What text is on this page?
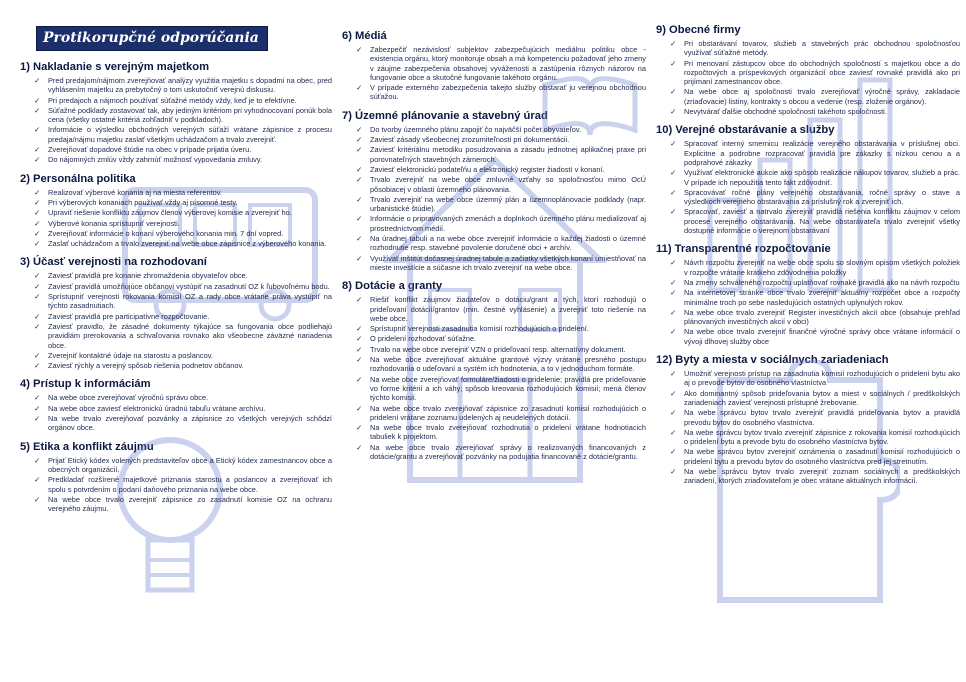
Protikorupčné odporúčania
1) Nakladanie s verejným majetkom
✓ Pred predajom/nájmom zverejňovať analýzy využitia majetku s dopadmi na obec, pred vyhlásením majetku za prebytočný o tom uskutočniť verejnú diskusiu.
✓ Pri predajoch a nájmoch používať súťažné metódy vždy, keď je to efektívne.
✓ Súťažné podklady zostavovať tak, aby jediným kritériom pri vyhodnocovaní ponúk bola cena (všetky ostatné kritériá zohľadniť v podkladoch).
✓ Informácie o výsledku obchodných verejných súťaží vrátane zápisnice z procesu predaja/nájmu majetku zaslať všetkým uchádzačom a trvalo zverejniť.
✓ Zverejňovať dopadové štúdie na obec v prípade prijatia úveru.
✓ Do nájomných zmlúv vždy zahrnúť možnosť vypovedania zmluvy.
2) Personálna politika
✓ Realizovať výberové konania aj na miesta referentov.
✓ Pri výberových konaniach používať vždy aj písomné testy.
✓ Upraviť riešenie konfliktu záujmov členov výberovej komisie a zverejniť ho.
✓ Výberové konania sprístupniť verejnosti.
✓ Zverejňovať informácie o konaní výberového konania min. 7 dní vopred.
✓ Zaslať uchádzačom a trvalo zverejniť na webe obce zápisnice z výberového konania.
3) Účasť verejnosti na rozhodovaní
✓ Zaviesť pravidlá pre konanie zhromaždenia obyvateľov obce.
✓ Zaviesť pravidlá umožňujúce občanovi vystúpiť na zasadnutí OZ k ľubovoľnému bodu.
✓ Sprístupniť verejnosti rokovania komisií OZ a rady obce vrátane práva vystúpiť na týchto zasadnutiach.
✓ Zaviesť pravidlá pre participatívne rozpočtovanie.
✓ Zaviesť pravidlo, že zásadné dokumenty týkajúce sa fungovania obce podliehajú pravidlám prerokovania a schvaľovania rovnako ako všeobecne záväzné nariadenia obce.
✓ Zverejniť kontaktné údaje na starostu a poslancov.
✓ Zaviesť rýchly a verejný spôsob riešenia podnetov občanov.
4) Prístup k informáciám
✓ Na webe obce zverejňovať výročnú správu obce.
✓ Na webe obce zaviesť elektronickú úradnú tabuľu vrátane archívu.
✓ Na webe trvalo zverejňovať pozvánky a zápisnice zo všetkých verejných schôdzí orgánov obce.
5) Etika a konflikt záujmu
✓ Prijať Etický kódex volených predstaviteľov obce a Etický kódex zamestnancov obce a obecných organizácií.
✓ Predkladať rozšírené majetkové priznania starostu a poslancov a zverejňovať ich spolu s potvrdením o podaní daňového priznania na webe obce.
✓ Na webe obce trvalo zverejniť zápisnice zo zasadnutí komisie OZ na ochranu verejného záujmu.
6) Médiá
✓ Zabezpečiť nezávislosť subjektov zabezpečujúcich mediálnu politiku obce - existencia orgánu, ktorý monitoruje obsah a má kompetenciu požadovať jeho zmeny v záujme zabezpečenia obsahovej vyváženosti a zastúpenia rôznych názorov na fungovanie obce a skutočné fungovanie takéhoto orgánu.
✓ V prípade externého zabezpečenia takejto služby obstarať ju verejnou obchodnou súťažou.
7) Územné plánovanie a stavebný úrad
✓ Do tvorby územného plánu zapojiť čo najväčší počet obyvateľov.
✓ Zaviesť zásady všeobecnej zrozumiteľnosti pri dokumentácii.
✓ Zaviesť kritériálnu metodiku posudzovania a zásadu jednotnej aplikačnej praxe pri porovnateľných stavebných zámeroch.
✓ Zaviesť elektronickú podateľňu a elektronický register žiadostí v konaní.
✓ Trvalo zverejniť na webe obce zmluvné vzťahy so spoločnosťou mimo OcÚ pôsobiacej v oblasti územného plánovania.
✓ Trvalo zverejniť na webe obce územný plán a územnoplánovacie podklady (napr. urbanistické štúdie).
✓ Informácie o pripravovaných zmenách a doplnkoch územného plánu medializovať aj prostredníctvom médií.
✓ Na úradnej tabuli a na webe obce zverejniť informácie o každej žiadosti o územné rozhodnutie resp. stavebné povolenie doručené obci + archív.
✓ Využívať inštitút dočasnej úradnej tabule a začiatky všetkých konaní umiestňovať na mieste investície a súčasne ich trvalo zverejniť na webe obce.
8) Dotácie a granty
✓ Riešiť konflikt záujmov žiadateľov o dotáciu/grant a tých, ktorí rozhodujú o prideľovaní dotácií/grantov (min. čestné vyhlásenie) a zverejniť toto riešenie na webe obce.
✓ Sprístupniť verejnosti zasadnutia komisií rozhodujúcich o pridelení.
✓ O pridelení rozhodovať súťažne.
✓ Trvalo na webe obce zverejniť VZN o prideľovaní resp. alternatívny dokument.
✓ Na webe obce zverejňovať aktuálne grantové výzvy vrátane presného postupu rozhodovania o udeľovaní a systém ich hodnotenia, a to v jednoduchom formáte.
✓ Na webe obce zverejňovať formuláre/žiadosti o pridelenie; pravidlá pre prideľovanie vo forme kritérií a ich váhy; spôsob kreovania rozhodujúcich komisií; mená členov týchto komisií.
✓ Na webe obce trvalo zverejňovať zápisnice zo zasadnutí komisií rozhodujúcich o pridelení vrátane zoznamu udelených aj neudelených dotácií.
✓ Na webe obce trvalo zverejňovať rozhodnutia o pridelení vrátane hodnotiacich tabuliek k projektom.
✓ Na webe obce trvalo zverejňovať správy o realizovaných financovaných z dotácie/grantu a zverejňovať pozvánky na podujatia financované z dotácie/grantu.
9) Obecné firmy
✓ Pri obstarávaní tovarov, služieb a stavebných prác obchodnou spoločnosťou využívať súťažné metódy.
✓ Pri menovaní zástupcov obce do obchodných spoločností s majetkou obce a do rozpočtových a príspevkových organizácií obce zaviesť rovnaké pravidlá ako pri prijímaní zamestnancov obce.
✓ Na webe obce aj spoločnosti trvalo zverejňovať výročné správy, zakladacie (zriaďovacie) listiny, kontrakty s obcou a vedenie (resp. zloženie orgánov).
✓ Nevytvárať ďalšie obchodné spoločnosti takéhoto spoločnosti.
10) Verejné obstarávanie a služby
✓ Spracovať interný smernicu realizácie verejného obstarávania v príslušnej obci. Explicitne a podrobne rozpracovať pravidlá pre zákazky s nízkou cenou a a podprahové zákazky
✓ Využívať elektronické aukcie ako spôsob realizácie nákupov tovarov, služieb a prác. V prípade ich nepoužitia tento fakt zdôvodniť.
✓ Spracovávať ročné plány verejného obstarávania, ročné správy o stave a výsledkoch verejného obstarávania za príslušný rok a zverejniť ich.
✓ Spracovať, zaviesť a natrvalo zverejniť pravidlá riešenia konfliktu záujmov v celom procese verejného obstarávania. Na webe obstarávateľa trvalo zverejniť všetky dostupné informácie o verejnom obstarávaní
11) Transparentné rozpočtovanie
✓ Návrh rozpočtu zverejniť na webe obce spolu so slovným opisom všetkých položiek v rozpočte vrátane krátkeho zdôvodnenia položky
✓ Na zmeny schváleného rozpočtu uplatňovať rovnaké pravidlá ako na návrh rozpočtu
✓ Na internetovej stránke obce trvalo zverejniť aktuálny rozpočet obce a rozpočty minimálne troch po sebe nasledujúcich ostatných uplynulých rokov.
✓ Na webe obce trvalo zverejniť Register investičných akcií obce (obsahuje prehľad plánovaných investičných akcií v obci)
✓ Na webe obce trvalo zverejniť finančné výročné správy obce vrátane informácií o vývoji dlhovej služby obce
12) Byty a miesta v sociálnych zariadeniach
✓ Umožniť verejnosti prístup na zasadnutia komisií rozhodujúcich o pridelení bytu ako aj o prevode bytov do osobného vlastníctva
✓ Ako dominantný spôsob prideľovania bytov a miest v sociálnych / predškolských zariadeniach zaviesť verejnosti prístupné žrebovanie.
✓ Na webe správcu bytov trvalo zverejniť pravidlá prideľovania bytov a pravidlá prevodu bytov do osobného vlastníctva.
✓ Na webe správcu bytov trvalo zverejniť zápisnice z rokovania komisií rozhodujúcich o pridelení bytu a prevode bytu do osobného vlastníctva bytov.
✓ Na webe správcu bytov zverejniť oznámenia o zasadnutí komisií rozhodujúcich o pridelení bytu a prevodu bytov do osobného vlastníctva pred jej stretnutím.
✓ Na webe správcu bytov trvalo zverejniť zoznam sociálnych a predškolských zariadení, ktorých zriaďovateľom je obec vrátane aktuálnych informácií.
